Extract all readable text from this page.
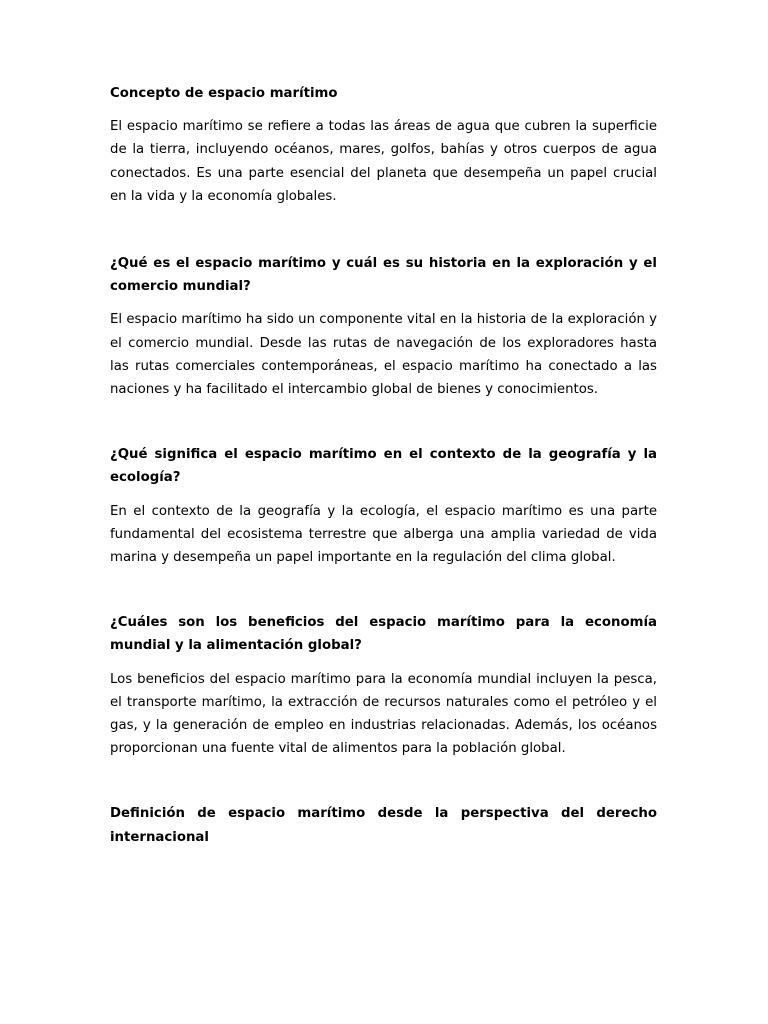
Concepto de espacio marítimo

El espacio marítimo se refiere a todas las áreas de agua que cubren la superficie de la tierra, incluyendo océanos, mares, golfos, bahías y otros cuerpos de agua conectados. Es una parte esencial del planeta que desempeña un papel crucial en la vida y la economía globales.

¿Qué es el espacio marítimo y cuál es su historia en la exploración y el comercio mundial?

El espacio marítimo ha sido un componente vital en la historia de la exploración y el comercio mundial. Desde las rutas de navegación de los exploradores hasta las rutas comerciales contemporáneas, el espacio marítimo ha conectado a las naciones y ha facilitado el intercambio global de bienes y conocimientos.

¿Qué significa el espacio marítimo en el contexto de la geografía y la ecología?

En el contexto de la geografía y la ecología, el espacio marítimo es una parte fundamental del ecosistema terrestre que alberga una amplia variedad de vida marina y desempeña un papel importante en la regulación del clima global.

¿Cuáles son los beneficios del espacio marítimo para la economía mundial y la alimentación global?

Los beneficios del espacio marítimo para la economía mundial incluyen la pesca, el transporte marítimo, la extracción de recursos naturales como el petróleo y el gas, y la generación de empleo en industrias relacionadas. Además, los océanos proporcionan una fuente vital de alimentos para la población global.

Definición de espacio marítimo desde la perspectiva del derecho internacional
